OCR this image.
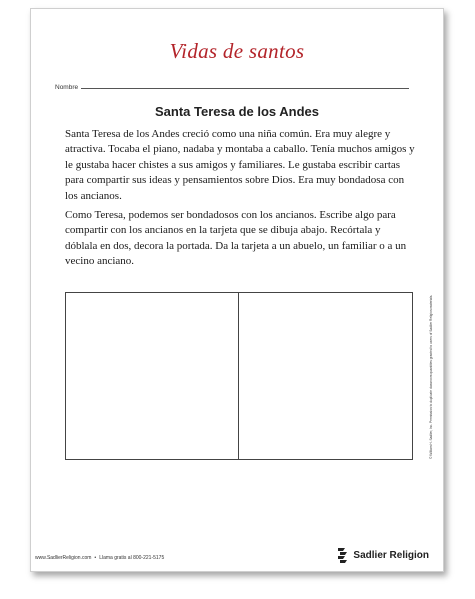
Vidas de santos
Nombre
Santa Teresa de los Andes

Santa Teresa de los Andes creció como una niña común. Era muy alegre y atractiva. Tocaba el piano, nadaba y montaba a caballo. Tenía muchos amigos y le gustaba hacer chistes a sus amigos y familiares. Le gustaba escribir cartas para compartir sus ideas y pensamientos sobre Dios. Era muy bondadosa con los ancianos.

Como Teresa, podemos ser bondadosos con los ancianos. Escribe algo para compartir con los ancianos en la tarjeta que se dibuja abajo. Recórtala y dóblala en dos, decora la portada. Da la tarjeta a un abuelo, un familiar o a un vecino anciano.

© William H. Sadlier, Inc. Permission to duplicate classroom quantities granted to users of Sadlier Religion materials.
www.SadlierReligion.com • Llama gratis al 800-221-5175	Sadlier Religion
